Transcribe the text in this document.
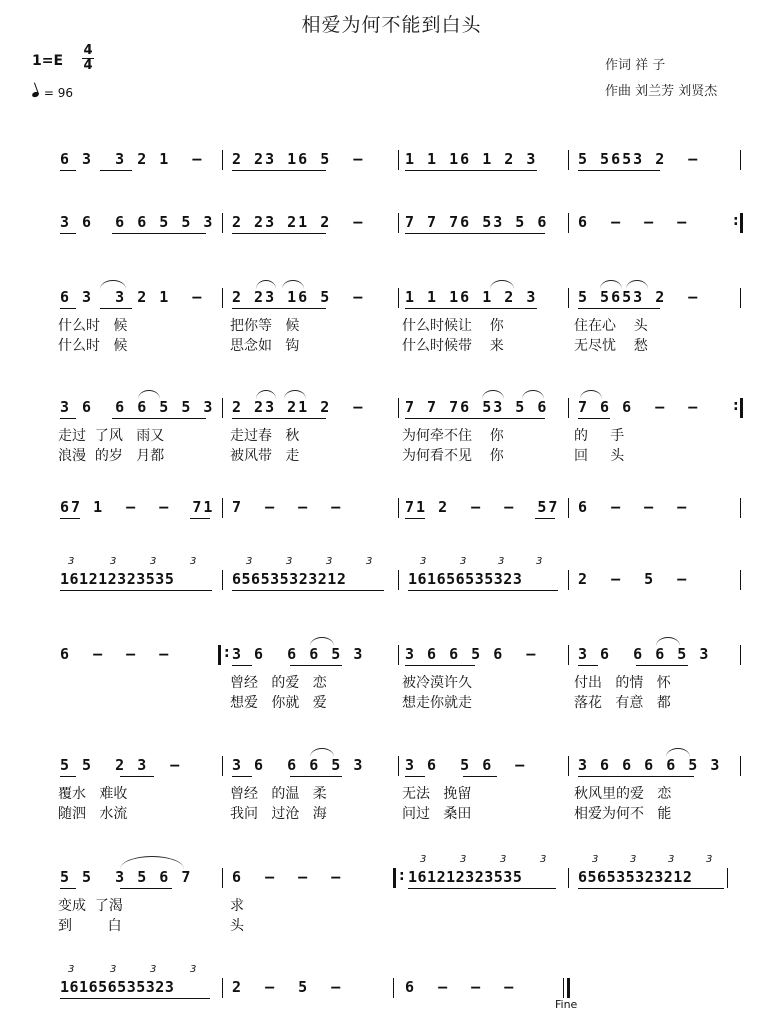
相爱为何不能到白头
1=E
4
4
= 96
作词 祥 子
作曲 刘兰芳 刘贤杰
6 3  3 2 1  – 2 23 16 5  –	1 1 16 1 2 3	5 5653 2  –
3 6  6 6 5 5 3 2 23 21 2  –	7 7 76 53 5 6 6  –  –  –
:
6 3  3 2 1  – 2 23 16 5  –	1 1 16 1 2 3	5 5653 2  –
什么时   候	把你等   候	什么时候让    你	住在心    头
什么时   候	思念如   钩	什么时候带    来	无尽忧    愁
3 6  6 6 5 5 3 2 23 21 2  –	7 7 76 53 5 6 7 6 6  –  –
:
走过  了风   雨又	走过春   秋	为何牵不住    你	的     手
浪漫  的岁   月都	被风带   走	为何看不见    你	回     头
67 1  –  –  71 7  –  –  –	71 2  –  –  57 6  –  –  –
161212323535	656535323212	161656535323	2  –  5  –
3	3	3	3	3	3	3	3	3	3	3	3
6  –  –  – :	3 6  6 6 5 3	3 6 6 5 6  –	3 6  6 6 5 3
曾经   的爱   恋	被冷漠许久	付出   的情   怀
想爱   你就   爱	想走你就走	落花   有意   都
5 5  2 3  –	3 6  6 6 5 3	3 6  5 6  –	3 6 6 6 6 5 3
覆水   难收	曾经   的温   柔	无法   挽留	秋风里的爱   恋
随泗   水流	我问   过沧   海	问过   桑田	相爱为何不   能
5 5  3 5 6 7	6  –  –  – :	161212323535	656535323212
3	3	3	3	3	3	3	3
变成  了渴	求
到        白	头
161656535323	2  –  5  –	6  –  –  –
3	3	3	3
Fine
